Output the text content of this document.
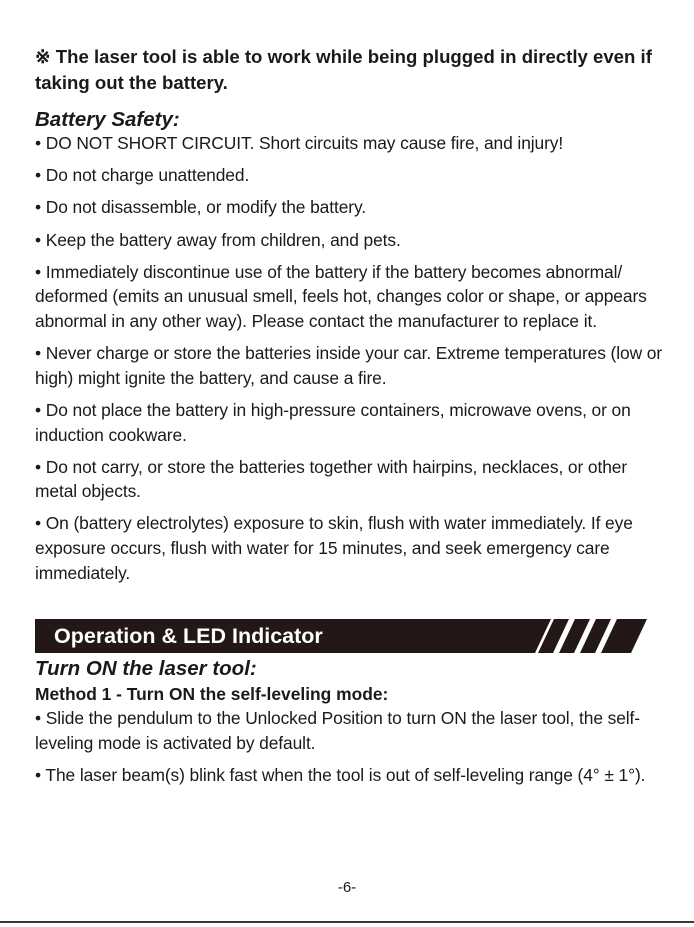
※ The laser tool is able to work while being plugged in directly even if taking out the battery.
Battery Safety:
• DO NOT SHORT CIRCUIT. Short circuits may cause fire, and injury!
• Do not charge unattended.
• Do not disassemble, or modify the battery.
• Keep the battery away from children, and pets.
• Immediately discontinue use of the battery if the battery becomes abnormal/ deformed (emits an unusual smell, feels hot, changes color or shape, or appears abnormal in any other way). Please contact the manufacturer to replace it.
• Never charge or store the batteries inside your car. Extreme temperatures (low or high) might ignite the battery, and cause a fire.
• Do not place the battery in high-pressure containers, microwave ovens, or on induction cookware.
• Do not carry, or store the batteries together with hairpins, necklaces, or other metal objects.
• On (battery electrolytes) exposure to skin, flush with water immediately. If eye exposure occurs, flush with water for 15 minutes, and seek emergency care immediately.
Operation & LED Indicator
Turn ON the laser tool:
Method 1 - Turn ON the self-leveling mode:
• Slide the pendulum to the Unlocked Position to turn ON the laser tool, the self-leveling mode is activated by default.
• The laser beam(s) blink fast when the tool is out of self-leveling range (4° ± 1°).
-6-
